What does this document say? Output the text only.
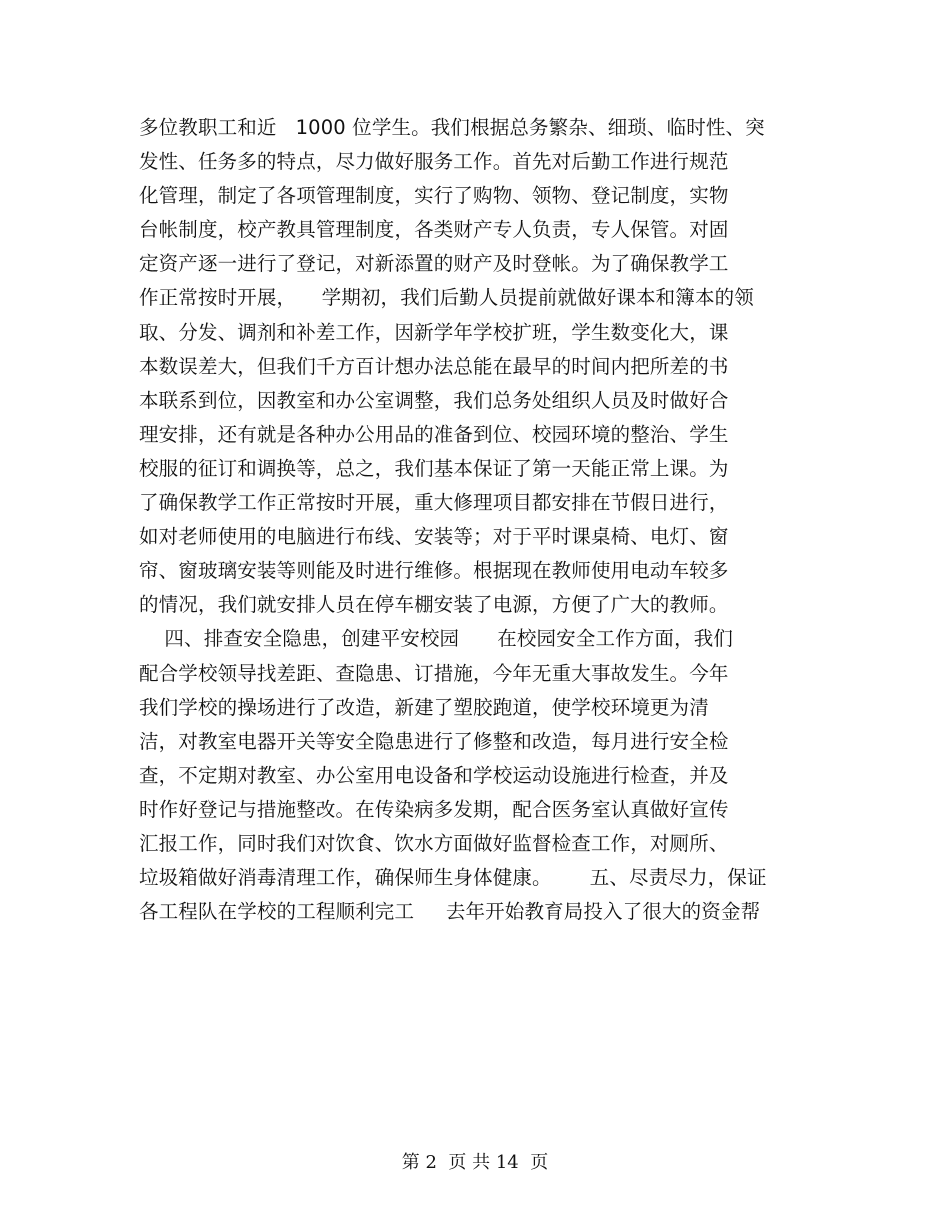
多位教职工和近   1000 位学生。我们根据总务繁杂、细琐、临时性、突
发性、任务多的特点，尽力做好服务工作。首先对后勤工作进行规范
化管理，制定了各项管理制度，实行了购物、领物、登记制度，实物
台帐制度，校产教具管理制度，各类财产专人负责，专人保管。对固
定资产逐一进行了登记，对新添置的财产及时登帐。为了确保教学工
作正常按时开展，    学期初，我们后勤人员提前就做好课本和簿本的领
取、分发、调剂和补差工作，因新学年学校扩班，学生数变化大，课
本数误差大，但我们千方百计想办法总能在最早的时间内把所差的书
本联系到位，因教室和办公室调整，我们总务处组织人员及时做好合
理安排，还有就是各种办公用品的准备到位、校园环境的整治、学生
校服的征订和调换等，总之，我们基本保证了第一天能正常上课。为
了确保教学工作正常按时开展，重大修理项目都安排在节假日进行，
如对老师使用的电脑进行布线、安装等；对于平时课桌椅、电灯、窗
帘、窗玻璃安装等则能及时进行维修。根据现在教师使用电动车较多
的情况，我们就安排人员在停车棚安装了电源，方便了广大的教师。
四、排查安全隐患，创建平安校园      在校园安全工作方面，我们
配合学校领导找差距、查隐患、订措施，今年无重大事故发生。今年
我们学校的操场进行了改造，新建了塑胶跑道，使学校环境更为清
洁，对教室电器开关等安全隐患进行了修整和改造，每月进行安全检
查，不定期对教室、办公室用电设备和学校运动设施进行检查，并及
时作好登记与措施整改。在传染病多发期，配合医务室认真做好宣传
汇报工作，同时我们对饮食、饮水方面做好监督检查工作，对厕所、
垃圾箱做好消毒清理工作，确保师生身体健康。      五、尽责尽力，保证
各工程队在学校的工程顺利完工     去年开始教育局投入了很大的资金帮
第 2  页 共 14  页
